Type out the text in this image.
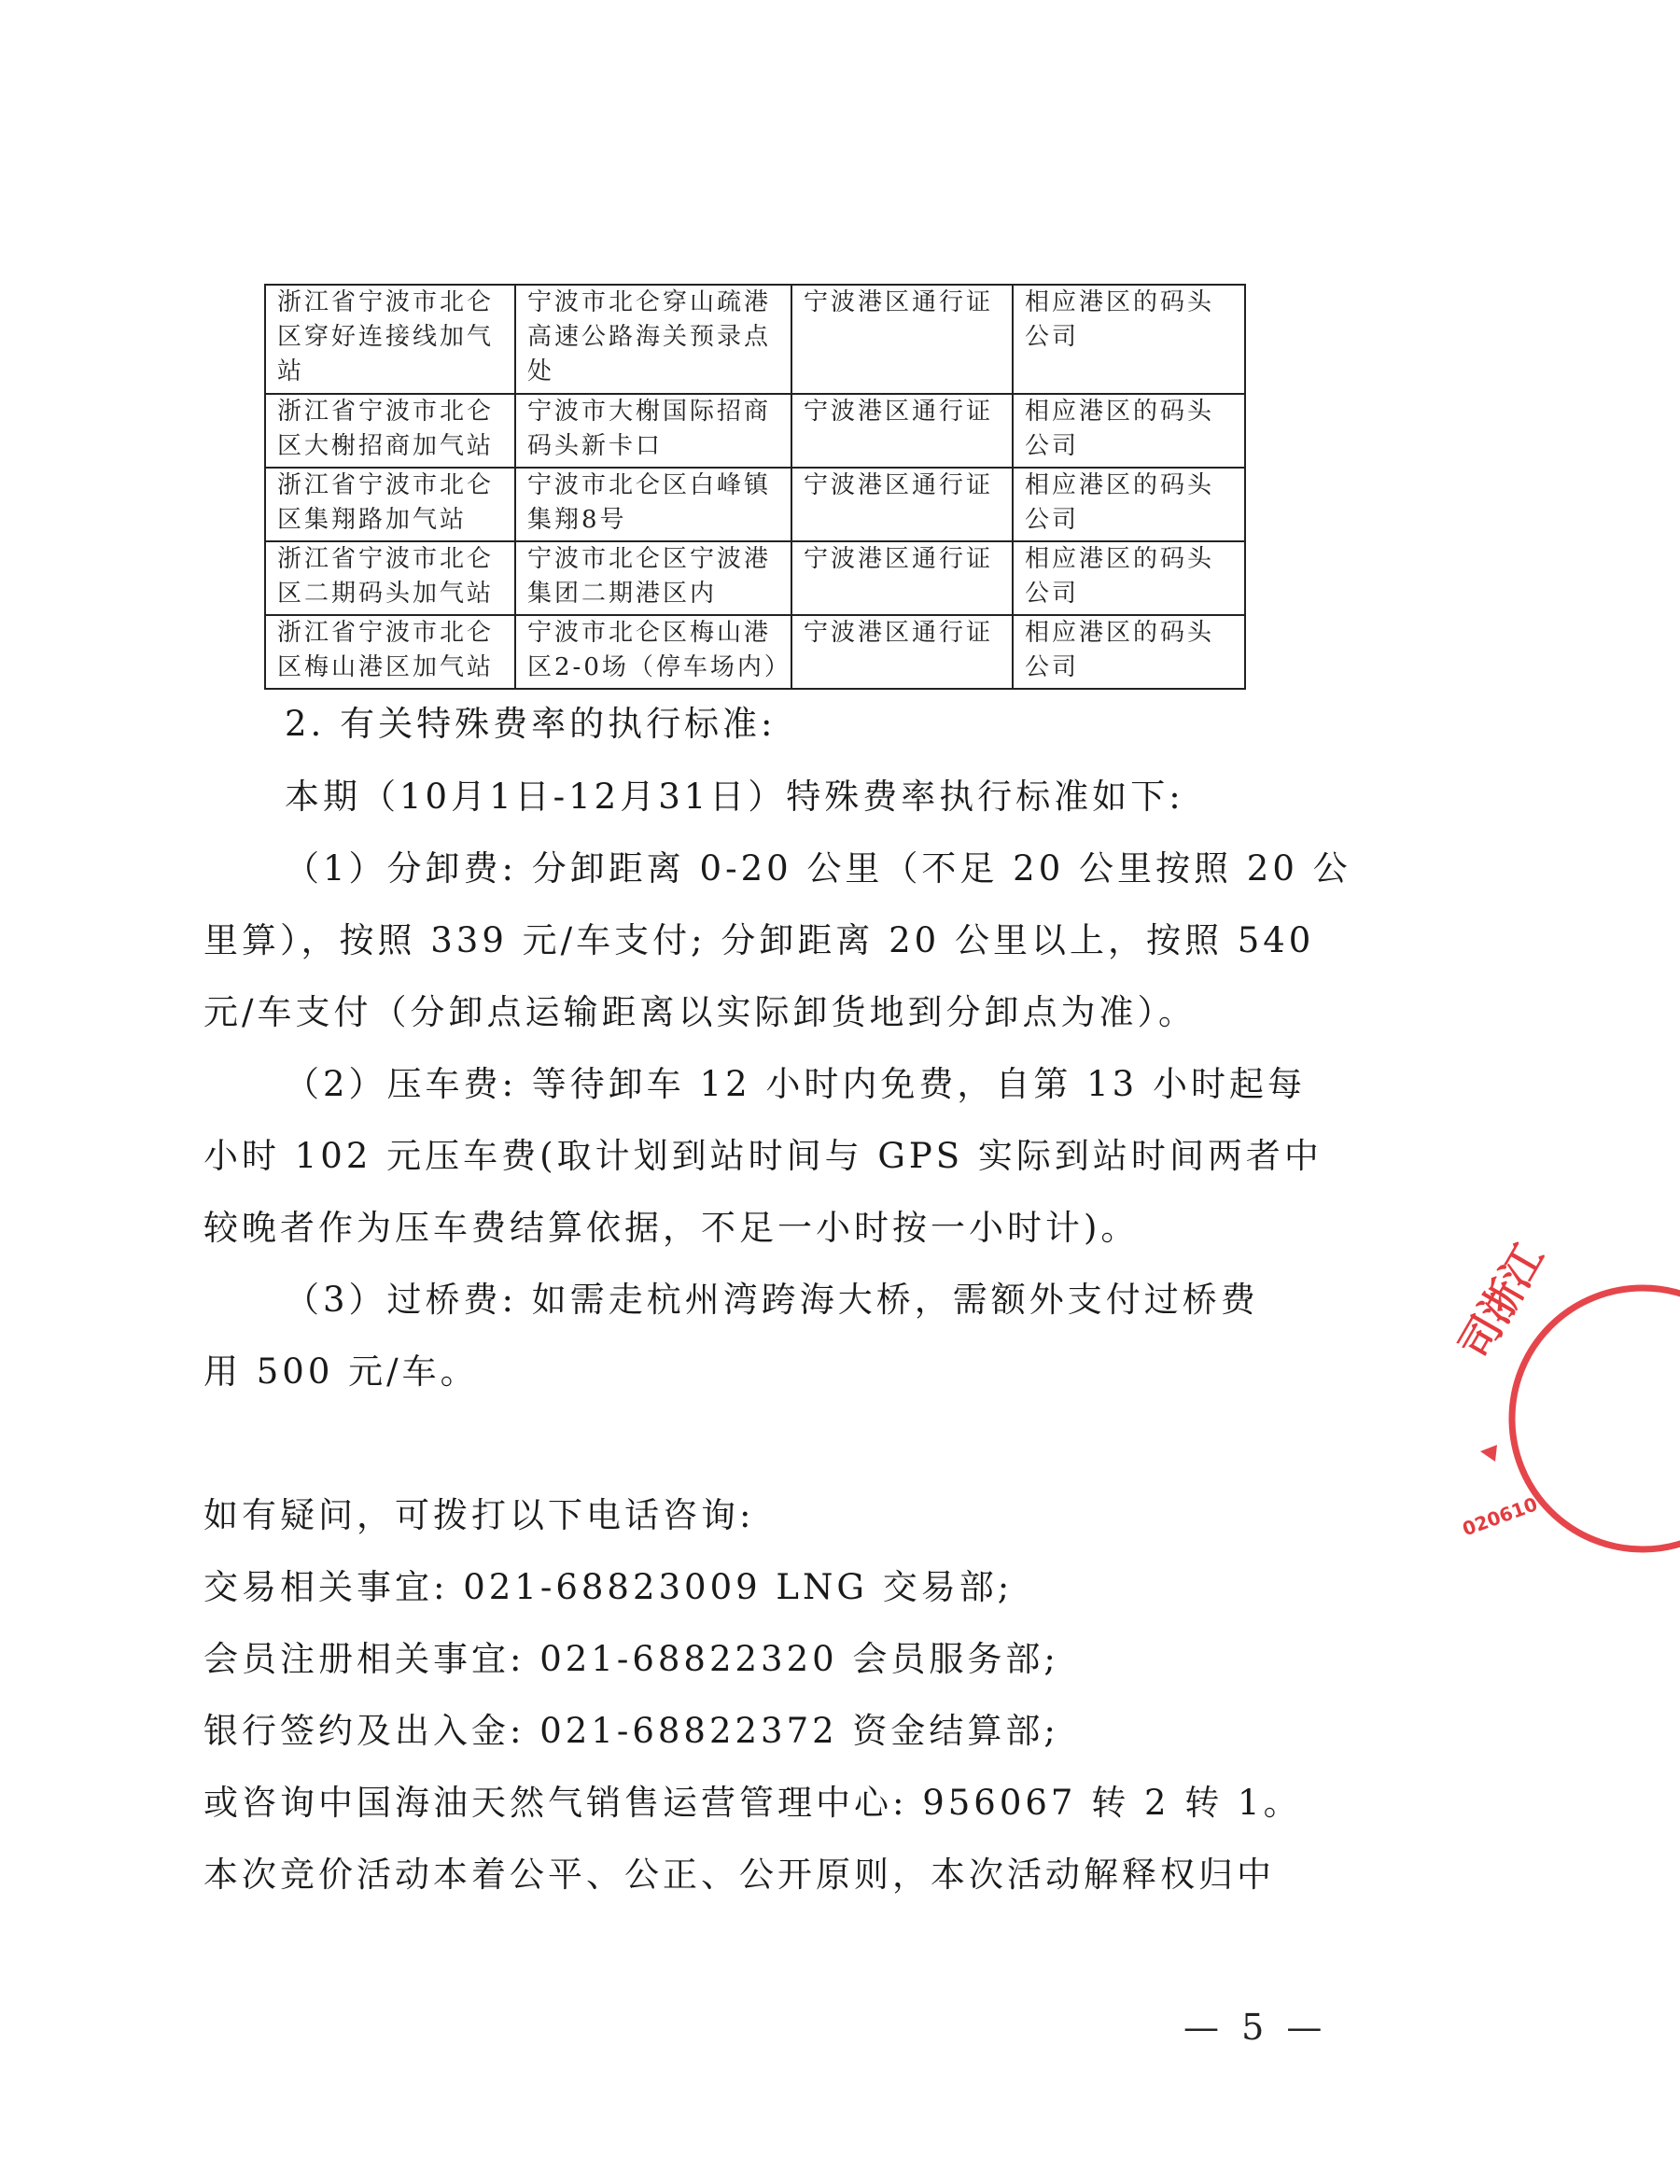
浙江省宁波市北仑区穿好连接线加气站	宁波市北仑穿山疏港高速公路海关预录点处	宁波港区通行证	相应港区的码头公司
浙江省宁波市北仑区大榭招商加气站	宁波市大榭国际招商码头新卡口	宁波港区通行证	相应港区的码头公司
浙江省宁波市北仑区集翔路加气站	宁波市北仑区白峰镇集翔8号	宁波港区通行证	相应港区的码头公司
浙江省宁波市北仑区二期码头加气站	宁波市北仑区宁波港集团二期港区内	宁波港区通行证	相应港区的码头公司
浙江省宁波市北仑区梅山港区加气站	宁波市北仑区梅山港区2-0场（停车场内）	宁波港区通行证	相应港区的码头公司
2. 有关特殊费率的执行标准:
本期（10月1日-12月31日）特殊费率执行标准如下:
（1）分卸费: 分卸距离 0-20 公里（不足 20 公里按照 20 公
里算），按照 339 元/车支付; 分卸距离 20 公里以上，按照 540
元/车支付（分卸点运输距离以实际卸货地到分卸点为准）。
（2）压车费: 等待卸车 12 小时内免费，自第 13 小时起每
小时 102 元压车费(取计划到站时间与 GPS 实际到站时间两者中
较晚者作为压车费结算依据，不足一小时按一小时计)。
（3）过桥费: 如需走杭州湾跨海大桥，需额外支付过桥费
用 500 元/车。
如有疑问，可拨打以下电话咨询:
交易相关事宜: 021-68823009 LNG 交易部;
会员注册相关事宜: 021-68822320 会员服务部;
银行签约及出入金: 021-68822372 资金结算部;
或咨询中国海油天然气销售运营管理中心: 956067 转 2 转 1。
本次竞价活动本着公平、公正、公开原则，本次活动解释权归中
— 5 —
司浙江
020610
